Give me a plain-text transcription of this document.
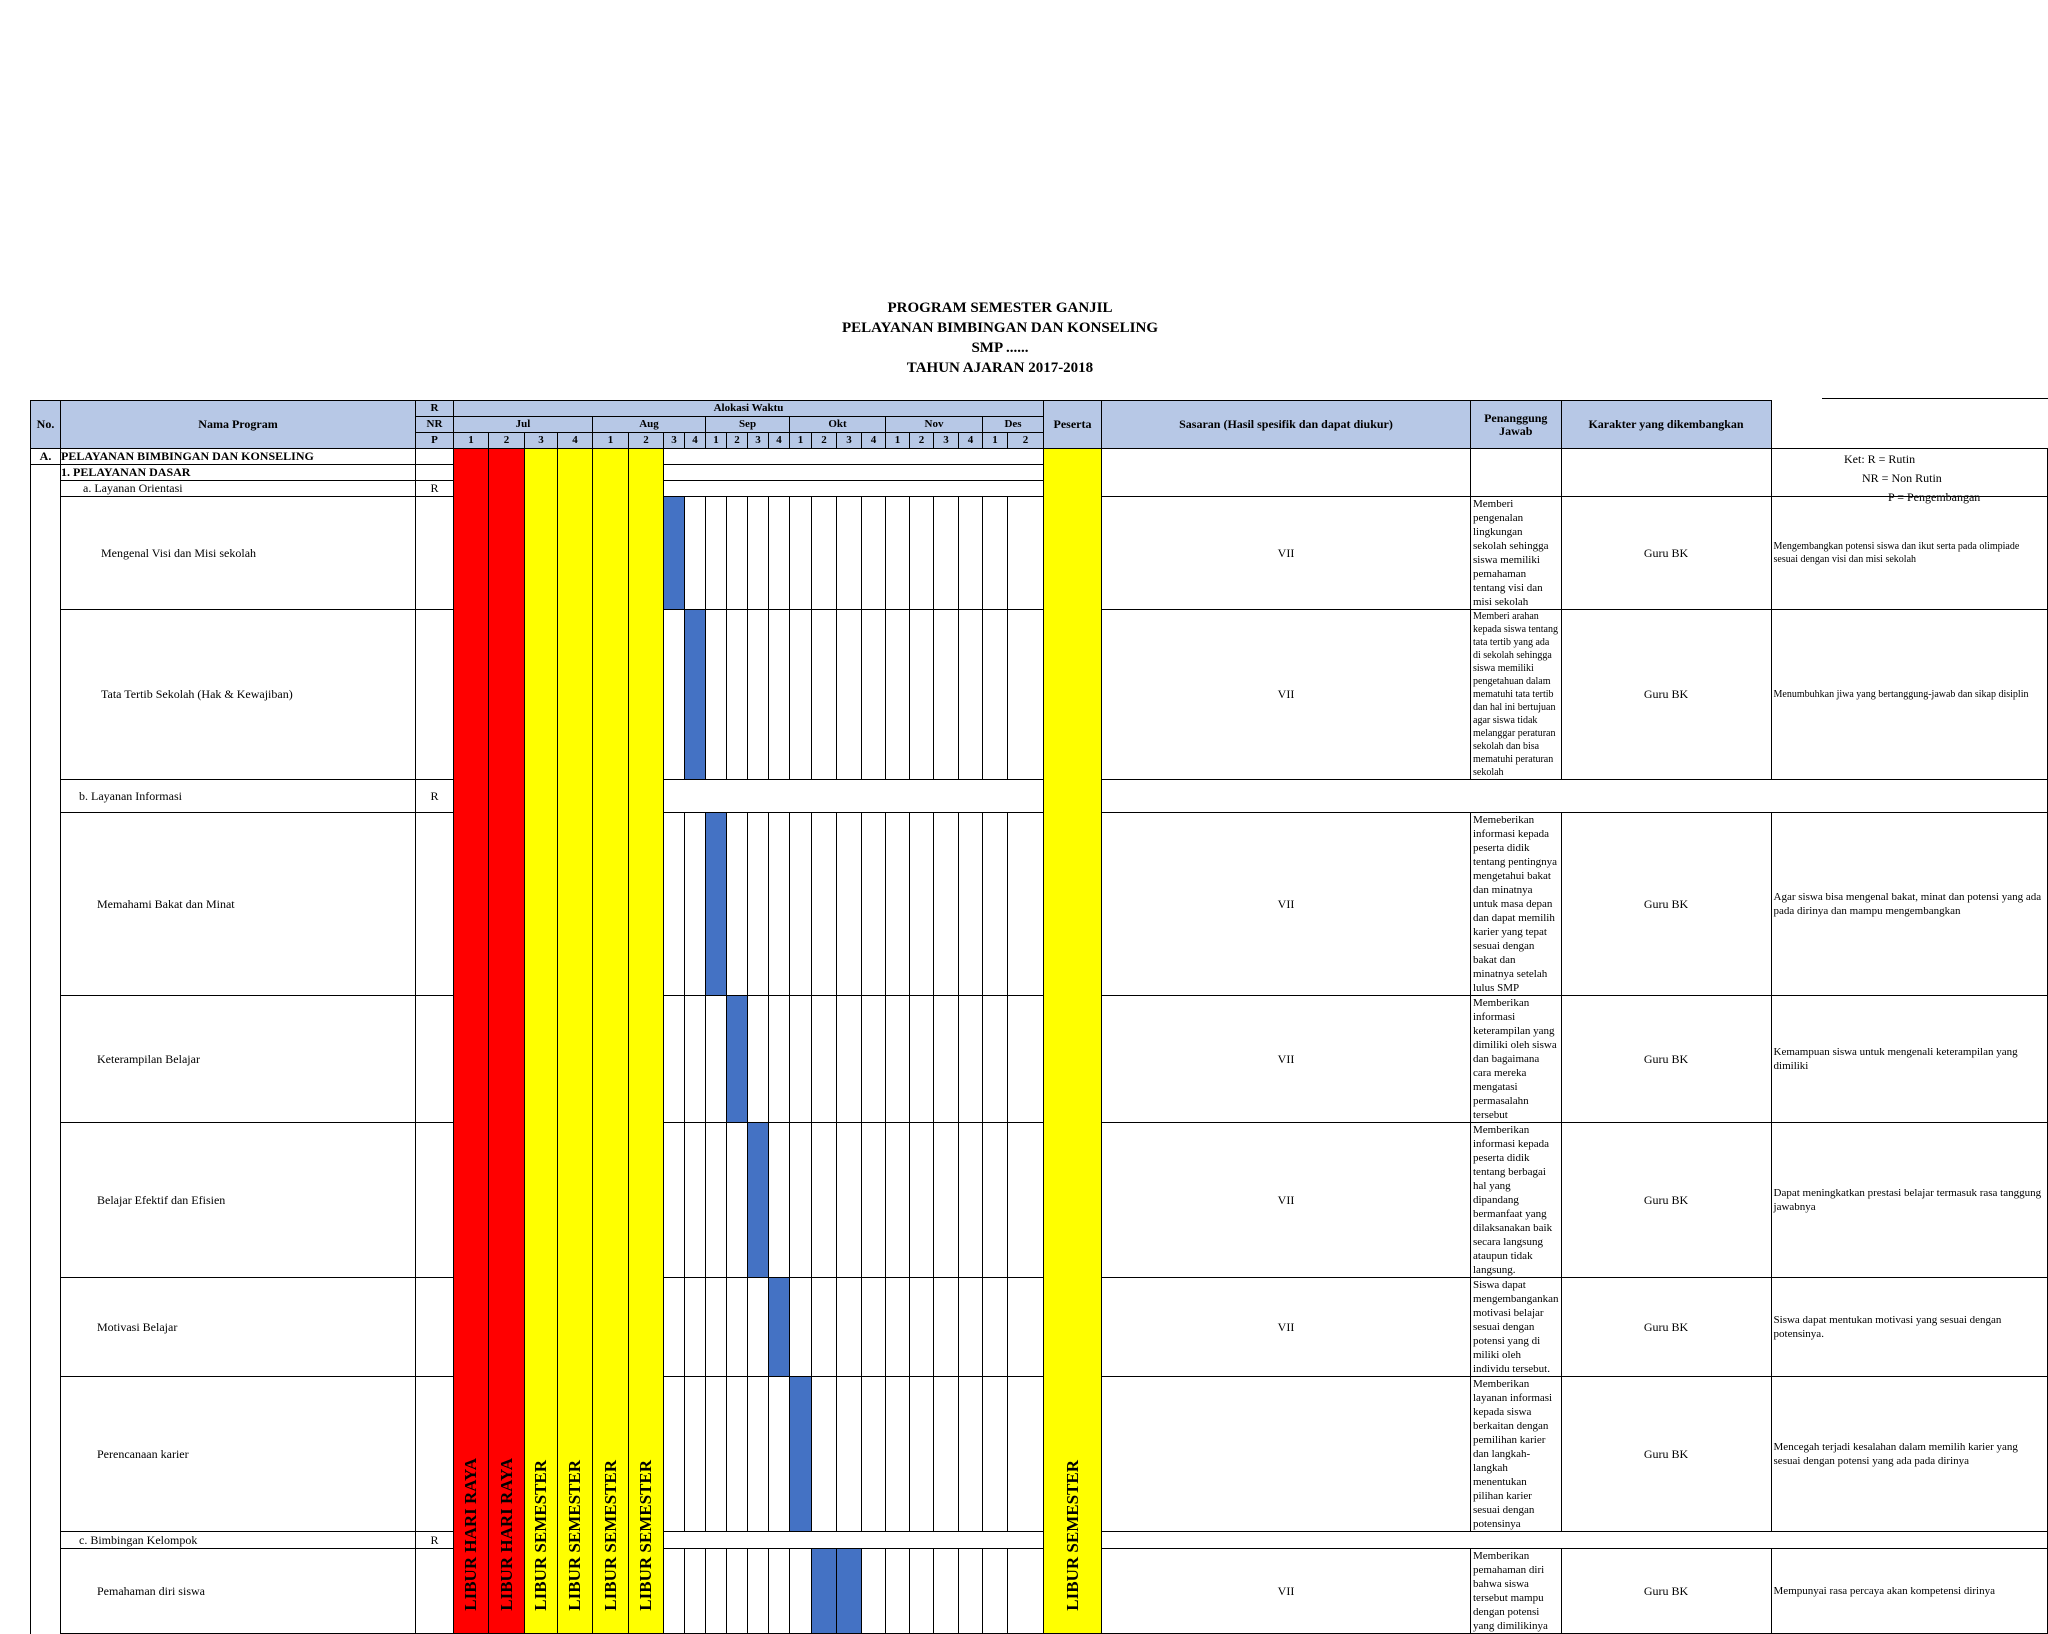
PROGRAM SEMESTER GANJIL
PELAYANAN BIMBINGAN DAN KONSELING
SMP ......
TAHUN AJARAN 2017-2018
Ket: R = Rutin
NR = Non Rutin
P = Pengembangan
No.	Nama Program	R	Alokasi Waktu																						Peserta	Sasaran (Hasil spesifik dan dapat diukur)	Penanggung Jawab	Karakter yang dikembangkan	
		NR	Jul				Aug				Sep				Okt				Nov				Des						
		P	1	2	3	4	1	2	3	4	1	2	3	4	1	2	3	4	1	2	3	4	1	2					
A.	PELAYANAN BIMBINGAN DAN KONSELING		LIBUR HARI RAYA	LIBUR HARI RAYA	LIBUR SEMESTER	LIBUR SEMESTER	LIBUR SEMESTER	LIBUR SEMESTER																	LIBUR SEMESTER				

	1. PELAYANAN DASAR																												
	a. Layanan Orientasi	R																											
	Mengenal Visi dan Misi sekolah																									VII	Memberi pengenalan lingkungan sekolah sehingga siswa memiliki pemahaman tentang visi dan misi sekolah	Guru BK	Mengembangkan potensi siswa dan ikut serta pada olimpiade sesuai dengan visi dan misi sekolah
	Tata Tertib Sekolah (Hak & Kewajiban)																									VII	Memberi arahan kepada siswa tentang tata tertib yang ada di sekolah sehingga siswa memiliki pengetahuan dalam mematuhi tata tertib dan hal ini bertujuan agar siswa tidak melanggar peraturan sekolah dan bisa mematuhi peraturan sekolah	Guru BK	Menumbuhkan jiwa yang bertanggung-jawab dan sikap disiplin
	b. Layanan Informasi	R																											
	Memahami Bakat dan Minat																									VII	Memeberikan informasi kepada peserta didik tentang pentingnya mengetahui bakat dan minatnya untuk masa depan dan dapat memilih karier yang tepat sesuai dengan bakat dan minatnya setelah lulus SMP	Guru BK	Agar siswa bisa mengenal bakat, minat dan potensi yang ada pada dirinya dan mampu mengembangkan
	Keterampilan Belajar																									VII	Memberikan informasi keterampilan yang dimiliki oleh siswa dan bagaimana cara mereka mengatasi permasalahn tersebut	Guru BK	Kemampuan siswa untuk mengenali keterampilan yang dimiliki
	Belajar Efektif dan Efisien																									VII	Memberikan informasi kepada peserta didik tentang berbagai hal yang dipandang bermanfaat yang dilaksanakan baik secara langsung ataupun tidak langsung.	Guru BK	Dapat meningkatkan prestasi belajar termasuk rasa tanggung jawabnya
	Motivasi Belajar																									VII	Siswa dapat mengembangankan motivasi belajar sesuai dengan potensi yang di miliki oleh individu tersebut.	Guru BK	Siswa dapat mentukan motivasi yang sesuai dengan potensinya.
	Perencanaan karier																										Memberikan layanan informasi kepada siswa berkaitan dengan pemilihan karier dan langkah-langkah menentukan pilihan karier sesuai dengan potensinya	Guru BK	Mencegah terjadi kesalahan dalam memilih karier yang sesuai dengan potensi yang ada pada dirinya
	c. Bimbingan Kelompok	R																											
	Pemahaman diri siswa																									VII	Memberikan pemahaman diri bahwa siswa tersebut mampu dengan potensi yang dimilikinya	Guru BK	Mempunyai rasa percaya akan kompetensi dirinya
